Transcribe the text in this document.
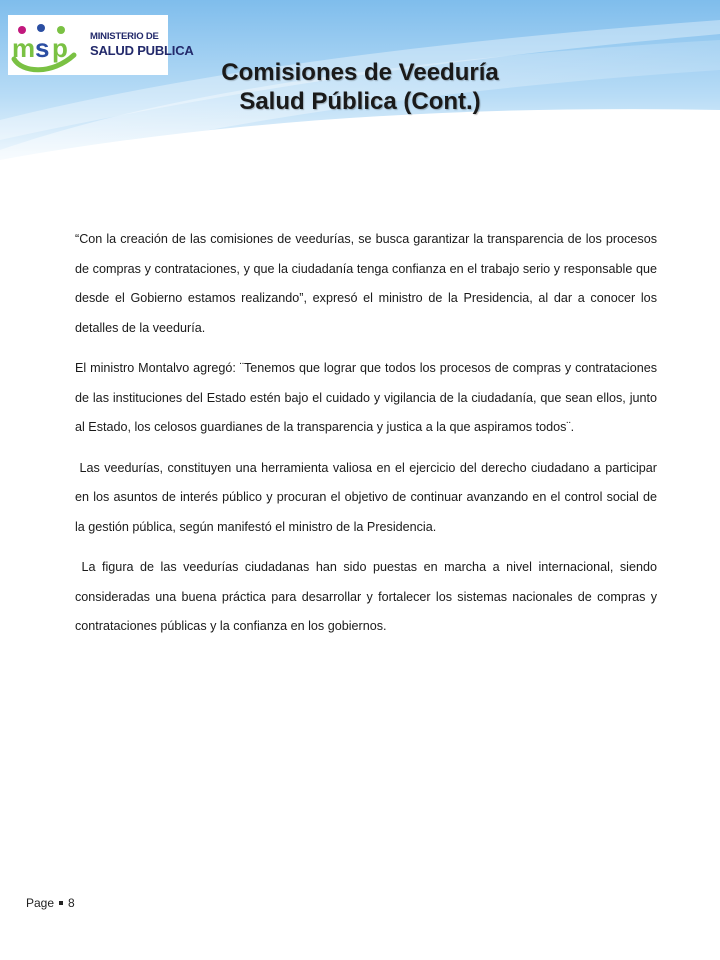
m s p MINISTERIO DE
SALUD PUBLICA
Comisiones de Veeduría
Salud Pública (Cont.)

“Con la creación de las comisiones de veedurías, se busca garantizar la transparencia de los procesos de compras y contrataciones, y que la ciudadanía tenga confianza en el trabajo serio y responsable que desde el Gobierno estamos realizando”, expresó el ministro de la Presidencia, al dar a conocer los detalles de la veeduría.

El ministro Montalvo agregó: ¨Tenemos que lograr que todos los procesos de compras y contrataciones de las instituciones del Estado estén bajo el cuidado y vigilancia de la ciudadanía, que sean ellos, junto al Estado, los celosos guardianes de la transparencia y justica a la que aspiramos todos¨.

Las veedurías, constituyen una herramienta valiosa en el ejercicio del derecho ciudadano a participar en los asuntos de interés público y procuran el objetivo de continuar avanzando en el control social de la gestión pública, según manifestó el ministro de la Presidencia.

La figura de las veedurías ciudadanas han sido puestas en marcha a nivel internacional, siendo consideradas una buena práctica para desarrollar y fortalecer los sistemas nacionales de compras y contrataciones públicas y la confianza en los gobiernos.

Page 8
